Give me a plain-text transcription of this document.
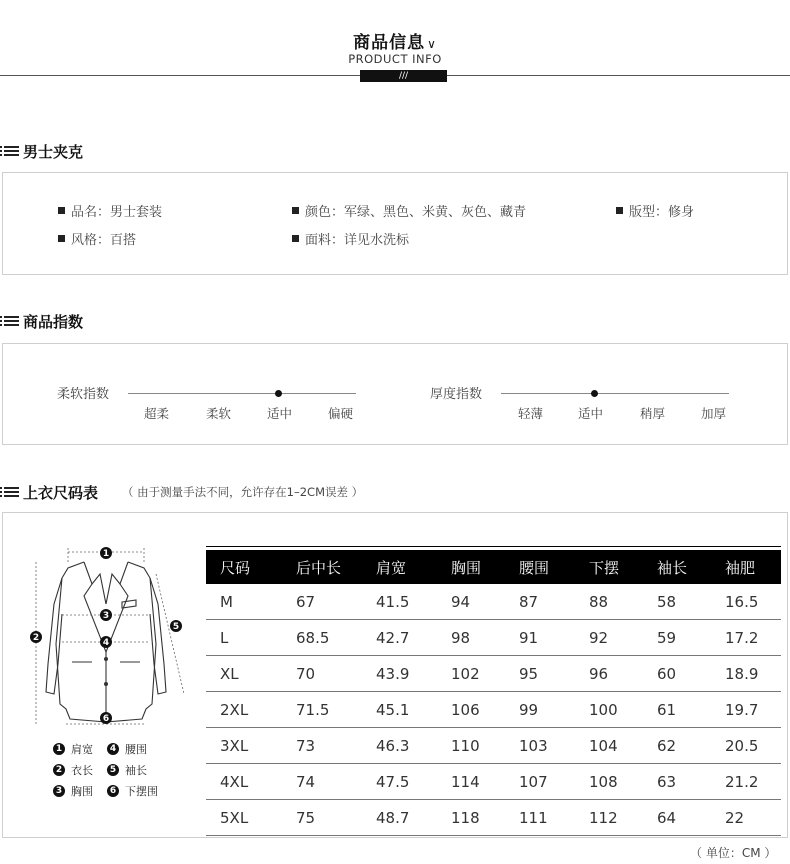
商品信息 ∨
PRODUCT INFO
///
男士夹克
品名：男士套装	颜色：军绿、黑色、米黄、灰色、藏青	版型：修身
风格：百搭	面料：详见水洗标
商品指数
柔软指数
超柔	柔软	适中	偏硬
厚度指数
轻薄	适中	稍厚	加厚
上衣尺码表 （ 由于测量手法不同，允许存在1–2CM误差 ）
1
2
3
4
5
6
1 肩宽	4 腰围
2 衣长	5 袖长
3 胸围	6 下摆围
尺码	后中长	肩宽	胸围	腰围	下摆	袖长	袖肥
M	67	41.5	94	87	88	58	16.5
L	68.5	42.7	98	91	92	59	17.2
XL	70	43.9	102	95	96	60	18.9
2XL	71.5	45.1	106	99	100	61	19.7
3XL	73	46.3	110	103	104	62	20.5
4XL	74	47.5	114	107	108	63	21.2
5XL	75	48.7	118	111	112	64	22
（ 单位：CM ）
